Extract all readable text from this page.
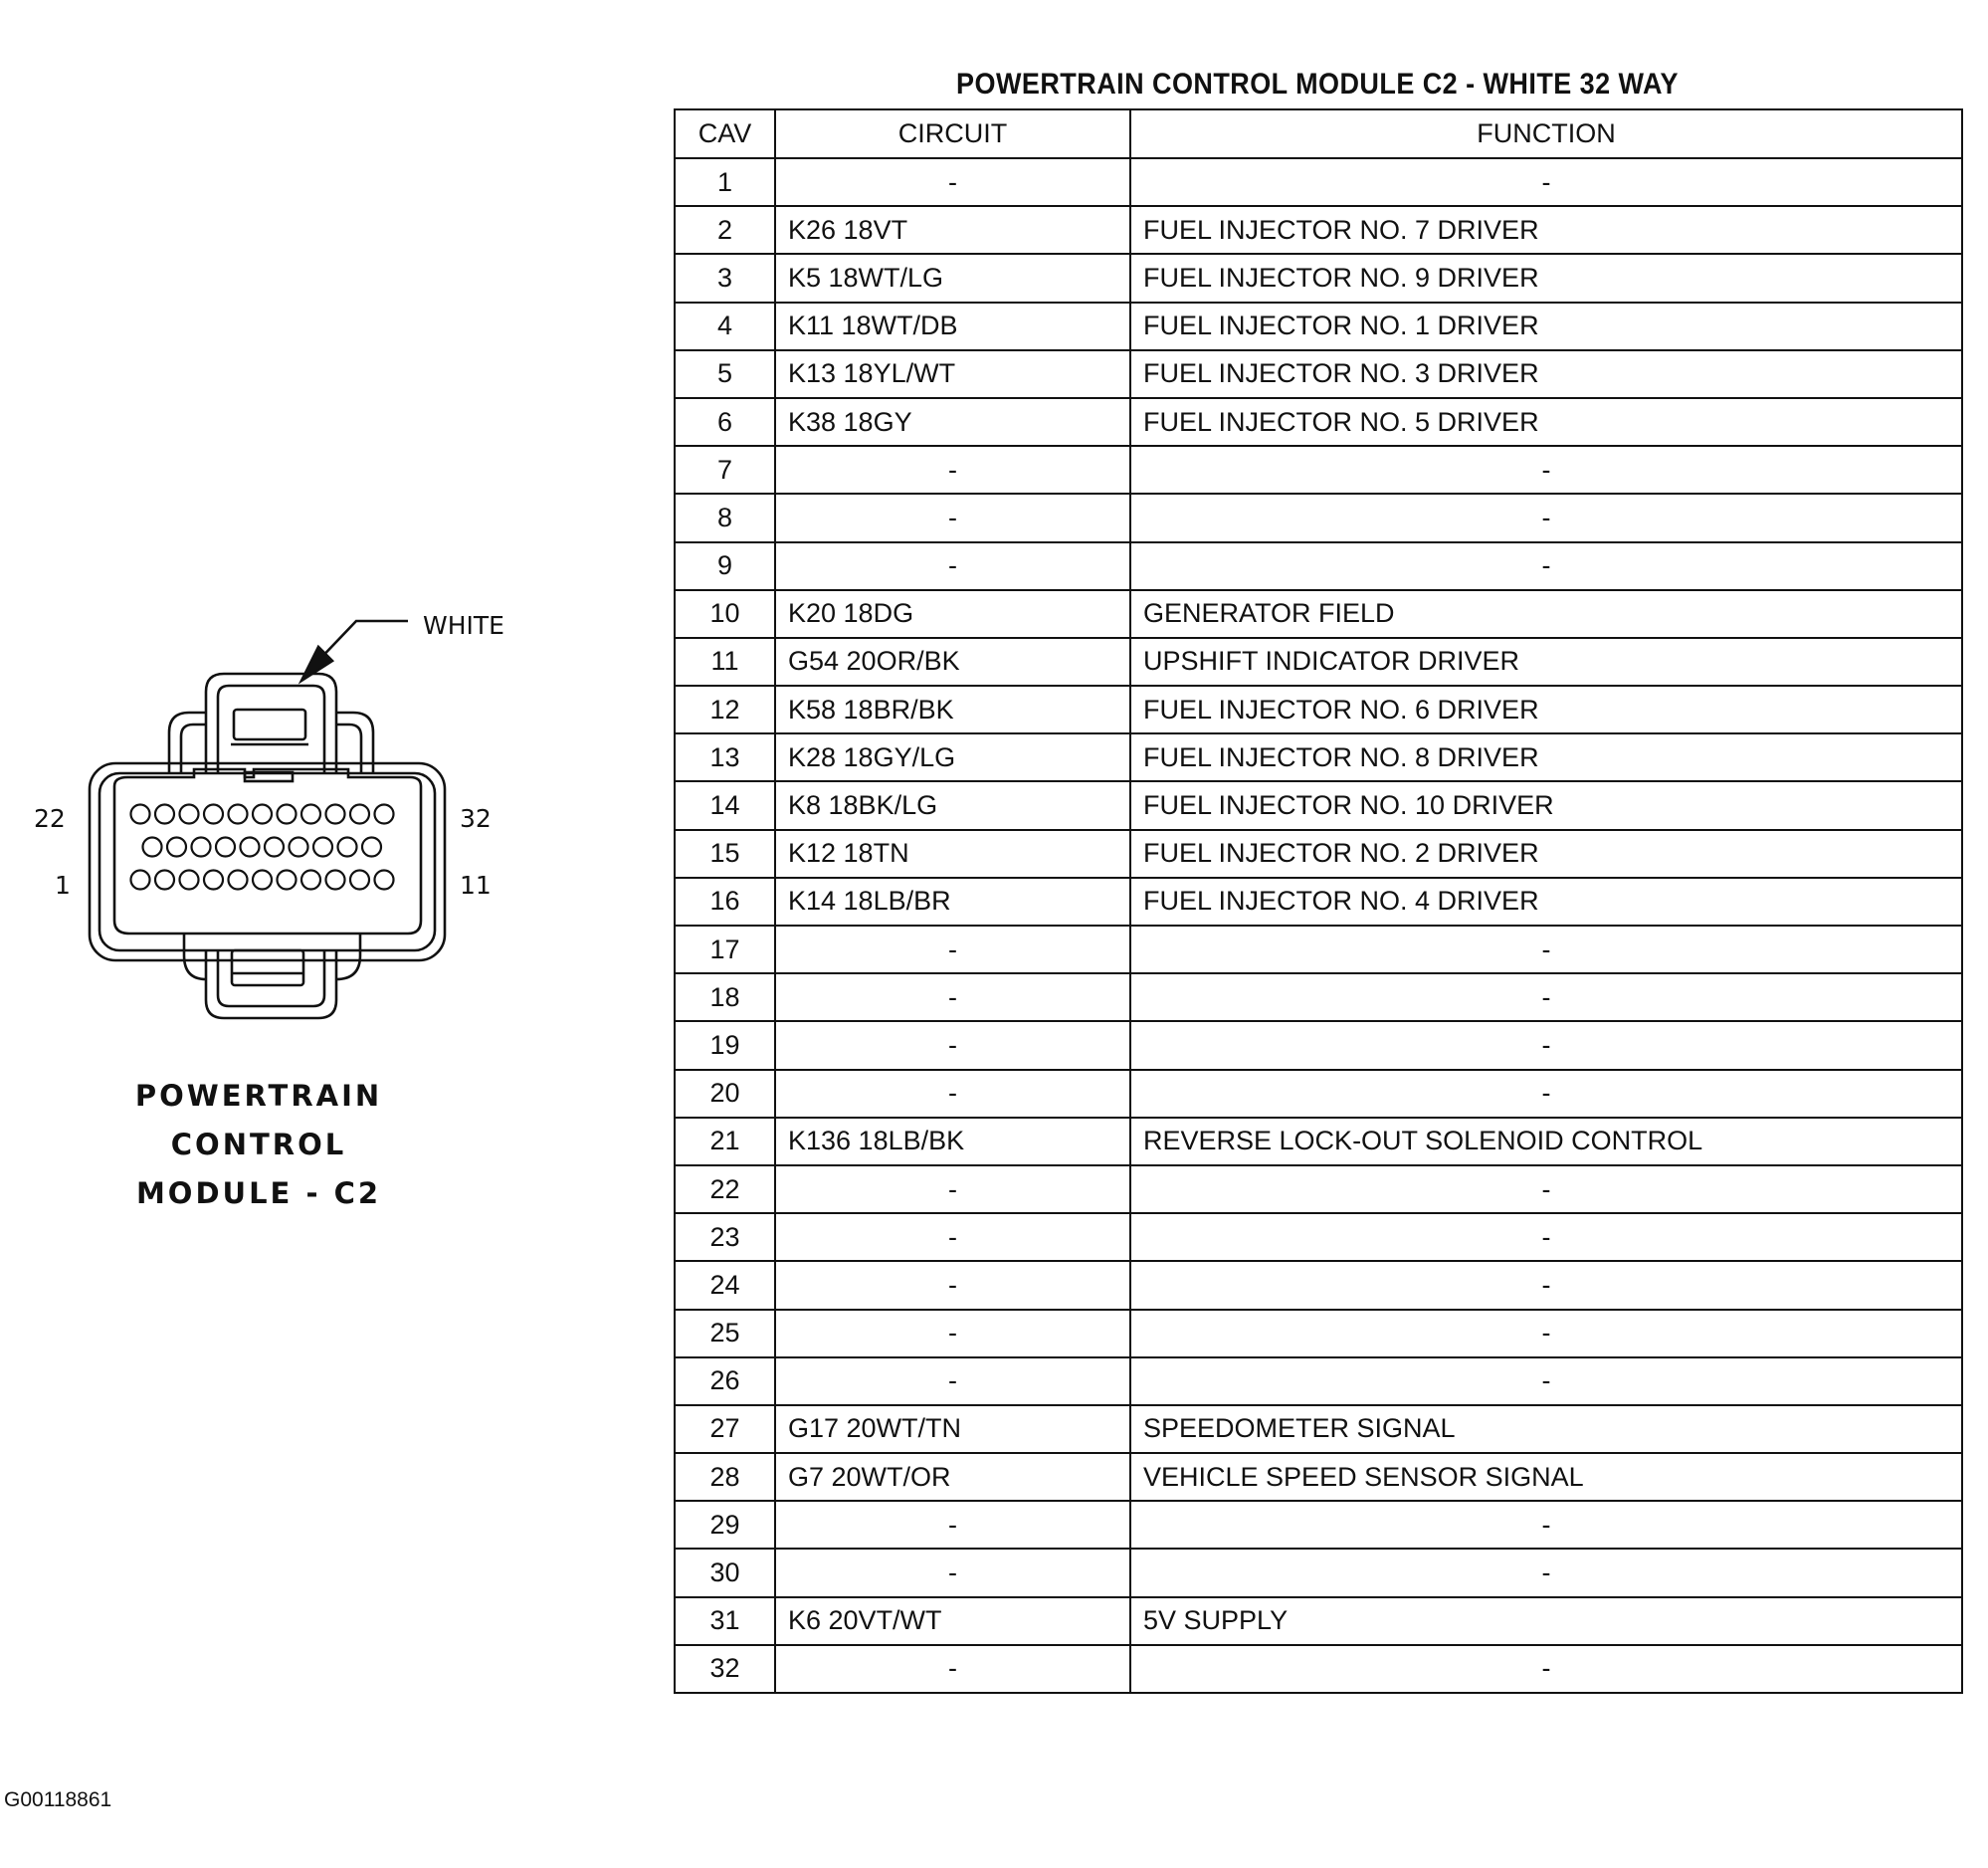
WHITE
22
1
32
11
POWERTRAIN
CONTROL
MODULE - C2
G00118861
POWERTRAIN CONTROL MODULE C2 - WHITE 32 WAY
CAV	CIRCUIT	FUNCTION
1	-	-
2	K26 18VT	FUEL INJECTOR NO. 7 DRIVER
3	K5 18WT/LG	FUEL INJECTOR NO. 9 DRIVER
4	K11 18WT/DB	FUEL INJECTOR NO. 1 DRIVER
5	K13 18YL/WT	FUEL INJECTOR NO. 3 DRIVER
6	K38 18GY	FUEL INJECTOR NO. 5 DRIVER
7	-	-
8	-	-
9	-	-
10	K20 18DG	GENERATOR FIELD
11	G54 20OR/BK	UPSHIFT INDICATOR DRIVER
12	K58 18BR/BK	FUEL INJECTOR NO. 6 DRIVER
13	K28 18GY/LG	FUEL INJECTOR NO. 8 DRIVER
14	K8 18BK/LG	FUEL INJECTOR NO. 10 DRIVER
15	K12 18TN	FUEL INJECTOR NO. 2 DRIVER
16	K14 18LB/BR	FUEL INJECTOR NO. 4 DRIVER
17	-	-
18	-	-
19	-	-
20	-	-
21	K136 18LB/BK	REVERSE LOCK-OUT SOLENOID CONTROL
22	-	-
23	-	-
24	-	-
25	-	-
26	-	-
27	G17 20WT/TN	SPEEDOMETER SIGNAL
28	G7 20WT/OR	VEHICLE SPEED SENSOR SIGNAL
29	-	-
30	-	-
31	K6 20VT/WT	5V SUPPLY
32	-	-
